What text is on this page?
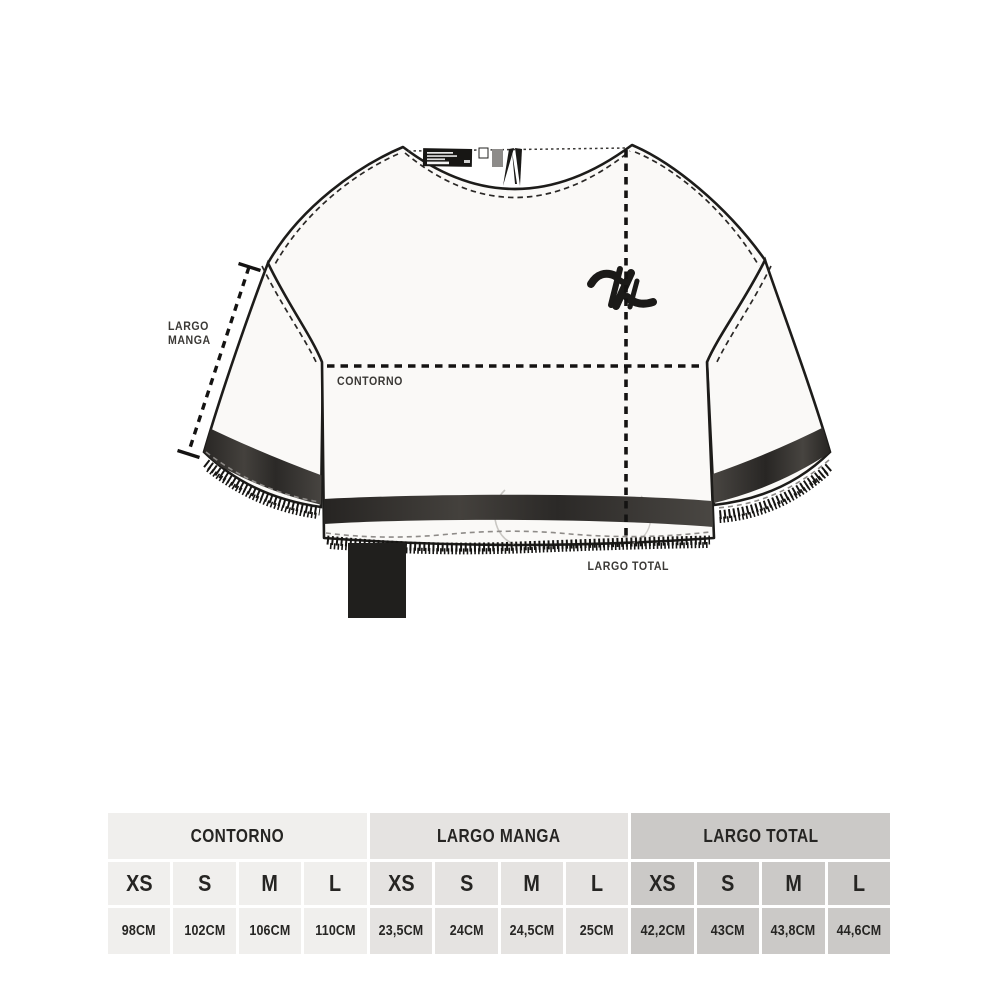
LARGO MANGA
CONTORNO
LARGO TOTAL
CONTORNO	LARGO MANGA	LARGO TOTAL
XS S M L XS S M L XS S M L
98CM 102CM 106CM 110CM 23,5CM 24CM 24,5CM 25CM 42,2CM 43CM 43,8CM 44,6CM
